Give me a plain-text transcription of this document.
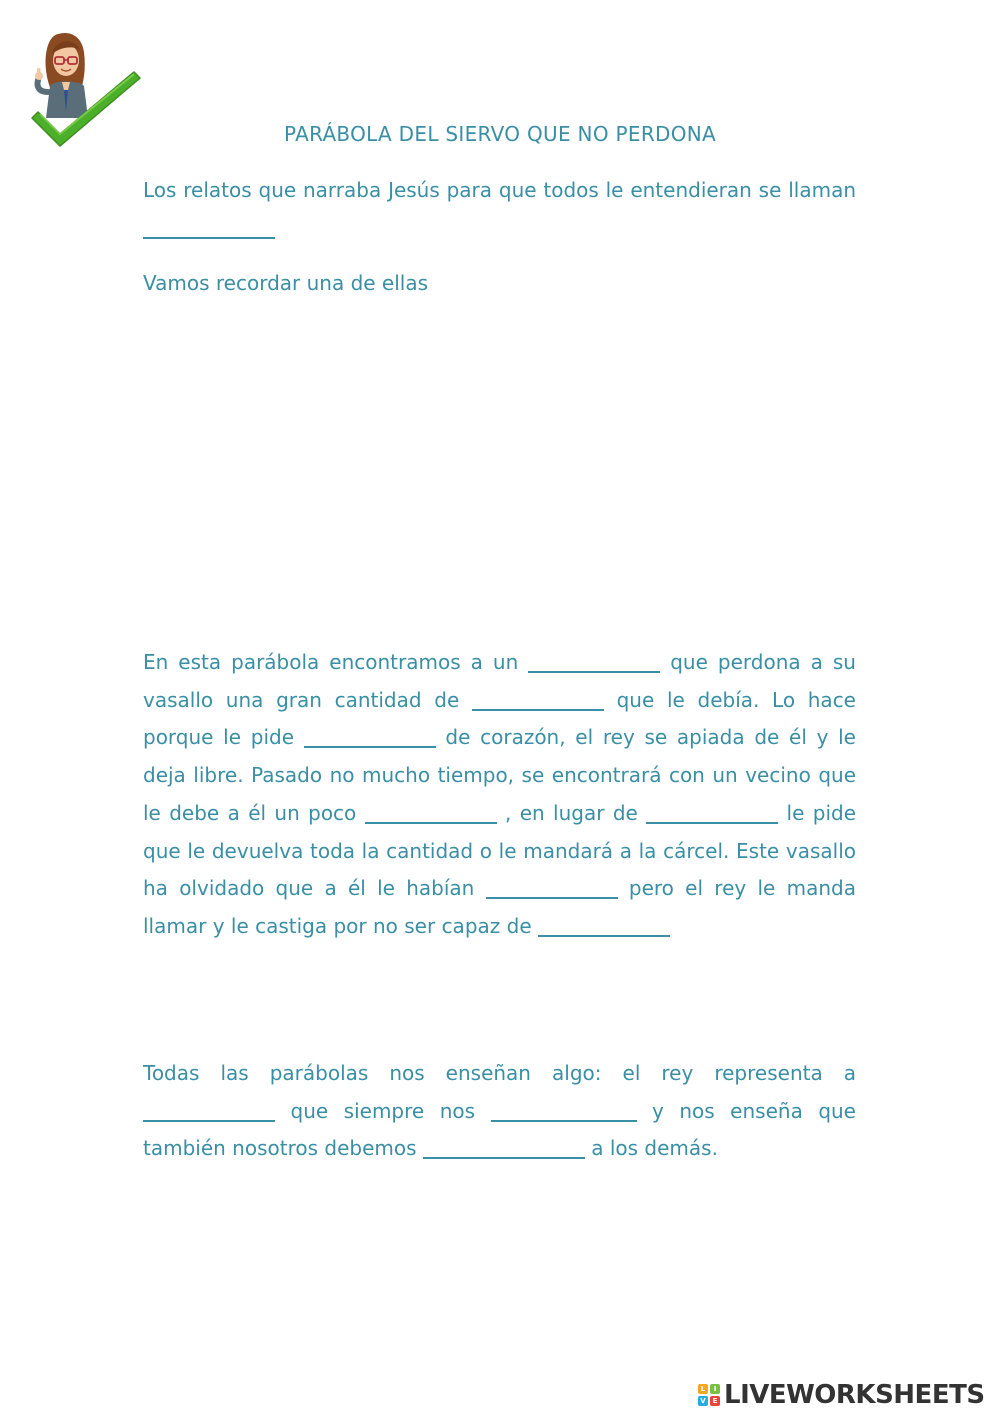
PARÁBOLA DEL SIERVO QUE NO PERDONA

Los relatos que narraba Jesús para que todos le entendieran se llaman

Vamos recordar una de ellas

En esta parábola encontramos a un	que perdona a su vasallo una gran cantidad de	que le debía. Lo hace porque le pide	de corazón, el rey se apiada de él y le deja libre. Pasado no mucho tiempo, se encontrará con un vecino que le debe a él un poco	, en lugar de	le pide que le devuelva toda la cantidad o le mandará a la cárcel. Este vasallo ha olvidado que a él le habían	pero el rey le manda llamar y le castiga por no ser capaz de

Todas las parábolas nos enseñan algo: el rey representa a  que siempre nos	y nos enseña que también nosotros debemos	a los demás.

L	I
V E LIVEWORKSHEETS
